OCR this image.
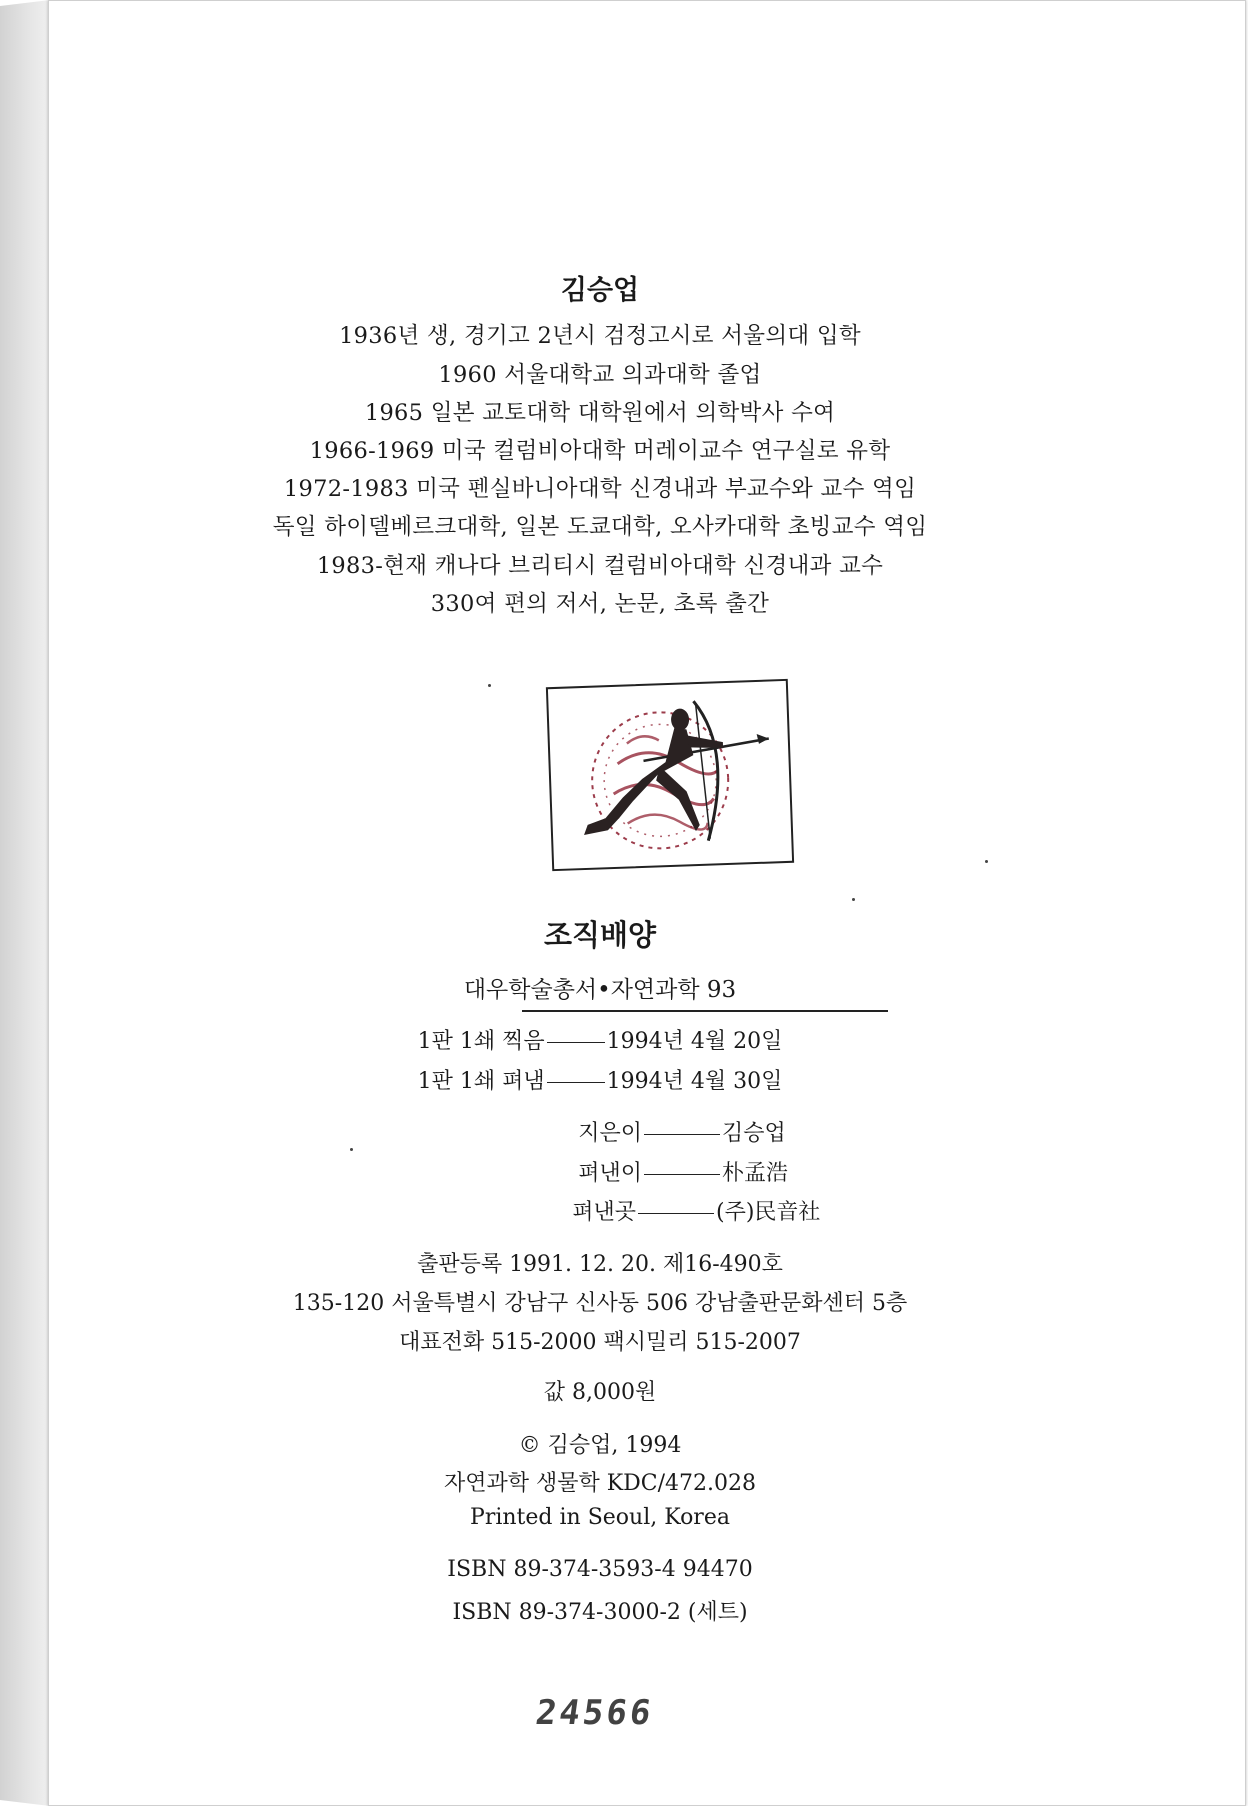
김승업
1936년 생, 경기고 2년시 검정고시로 서울의대 입학
1960 서울대학교 의과대학 졸업
1965 일본 교토대학 대학원에서 의학박사 수여
1966-1969 미국 컬럼비아대학 머레이교수 연구실로 유학
1972-1983 미국 펜실바니아대학 신경내과 부교수와 교수 역임
독일 하이델베르크대학, 일본 도쿄대학, 오사카대학 초빙교수 역임
1983-현재 캐나다 브리티시 컬럼비아대학 신경내과 교수
330여 편의 저서, 논문, 초록 출간
조직배양
대우학술총서•자연과학 93
1판 1쇄 찍음	1994년 4월 20일
1판 1쇄 펴냄	1994년 4월 30일
지은이	김승업
펴낸이	朴孟浩
펴낸곳	(주)民音社
출판등록 1991. 12. 20. 제16-490호
135-120 서울특별시 강남구 신사동 506 강남출판문화센터 5층
대표전화 515-2000 팩시밀리 515-2007
값 8,000원
© 김승업, 1994
자연과학 생물학 KDC/472.028
Printed in Seoul, Korea
ISBN 89-374-3593-4 94470
ISBN 89-374-3000-2 (세트)
24566
